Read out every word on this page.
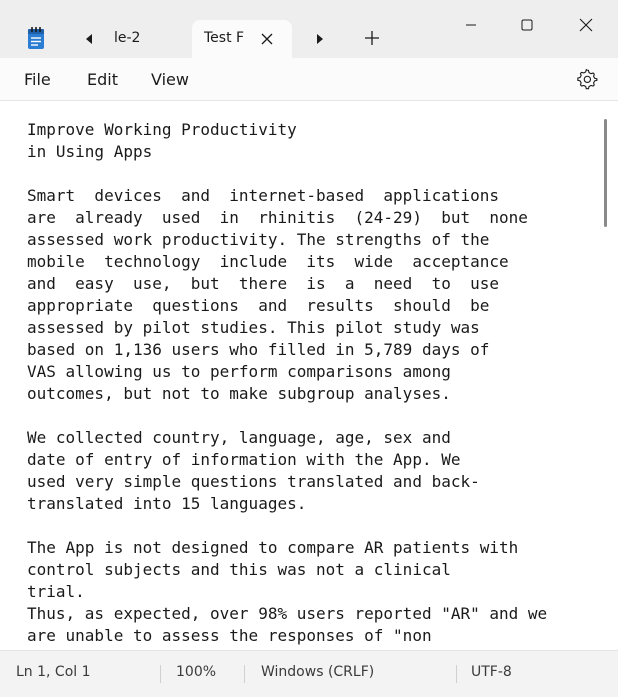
le-2	Test F
File Edit View
Improve Working Productivity
in Using Apps

Smart  devices  and  internet-based  applications
are  already  used  in  rhinitis  (24-29)  but  none
assessed work productivity. The strengths of the
mobile  technology  include  its  wide  acceptance
and  easy  use,  but  there  is  a  need  to  use
appropriate  questions  and  results  should  be
assessed by pilot studies. This pilot study was
based on 1,136 users who filled in 5,789 days of
VAS allowing us to perform comparisons among
outcomes, but not to make subgroup analyses.

We collected country, language, age, sex and
date of entry of information with the App. We
used very simple questions translated and back-
translated into 15 languages.

The App is not designed to compare AR patients with
control subjects and this was not a clinical
trial.
Thus, as expected, over 98% users reported "AR" and we
are unable to assess the responses of "non
Ln 1, Col 1	100%	Windows (CRLF)	UTF-8
